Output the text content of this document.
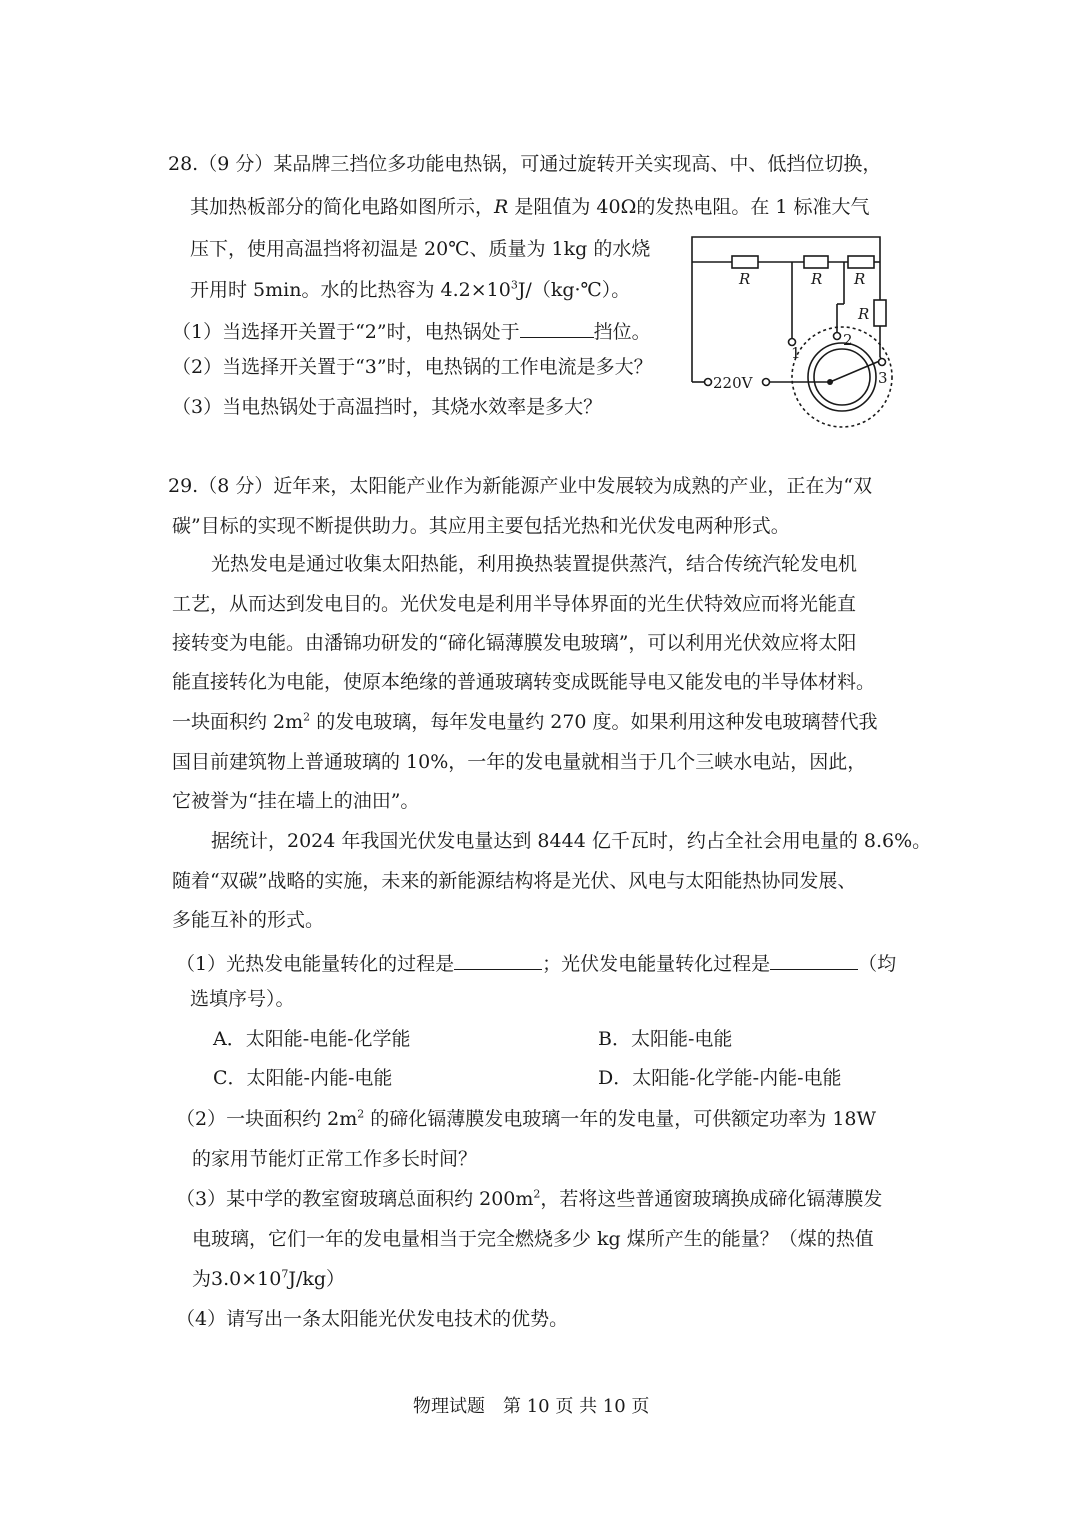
28.（9 分）某品牌三挡位多功能电热锅，可通过旋转开关实现高、中、低挡位切换，
其加热板部分的简化电路如图所示，R 是阻值为 40Ω的发热电阻。在 1 标准大气
压下，使用高温挡将初温是 20℃、质量为 1kg 的水烧
开用时 5min。水的比热容为 $4.2\times 10^3J/(kg\cdot℃)$。
（1）当选择开关置于“2”时，电热锅处于	挡位。
（2）当选择开关置于“3”时，电热锅的工作电流是多大？
（3）当电热锅处于高温挡时，其烧水效率是多大？
R	R R
R
220V
1
2
3
29.（8 分）近年来，太阳能产业作为新能源产业中发展较为成熟的产业，正在为“双
碳”目标的实现不断提供助力。其应用主要包括光热和光伏发电两种形式。
光热发电是通过收集太阳热能，利用换热装置提供蒸汽，结合传统汽轮发电机
工艺，从而达到发电目的。光伏发电是利用半导体界面的光生伏特效应而将光能直
接转变为电能。由潘锦功研发的“碲化镉薄膜发电玻璃”，可以利用光伏效应将太阳
能直接转化为电能，使原本绝缘的普通玻璃转变成既能导电又能发电的半导体材料。
一块面积约 $2m^2$ 的发电玻璃，每年发电量约 270 度。如果利用这种发电玻璃替代我
国目前建筑物上普通玻璃的 10%，一年的发电量就相当于几个三峡水电站，因此，
它被誉为“挂在墙上的油田”。
据统计，2024 年我国光伏发电量达到 8444 亿千瓦时，约占全社会用电量的 8.6%。
随着“双碳”战略的实施，未来的新能源结构将是光伏、风电与太阳能热协同发展、
多能互补的形式。
（1）光热发电能量转化的过程是	；光伏发电能量转化过程是	（均
选填序号）。
A．太阳能-电能-化学能	B．太阳能-电能
C．太阳能-内能-电能	D．太阳能-化学能-内能-电能
（2）一块面积约 $2m^2$ 的碲化镉薄膜发电玻璃一年的发电量，可供额定功率为 18W
的家用节能灯正常工作多长时间？
（3）某中学的教室窗玻璃总面积约 $200m^2$，若将这些普通窗玻璃换成碲化镉薄膜发
电玻璃，它们一年的发电量相当于完全燃烧多少 kg 煤所产生的能量？（煤的热值
为$3.0\times 10^7J/kg$）
（4）请写出一条太阳能光伏发电技术的优势。
物理试题　第 10 页 共 10 页
